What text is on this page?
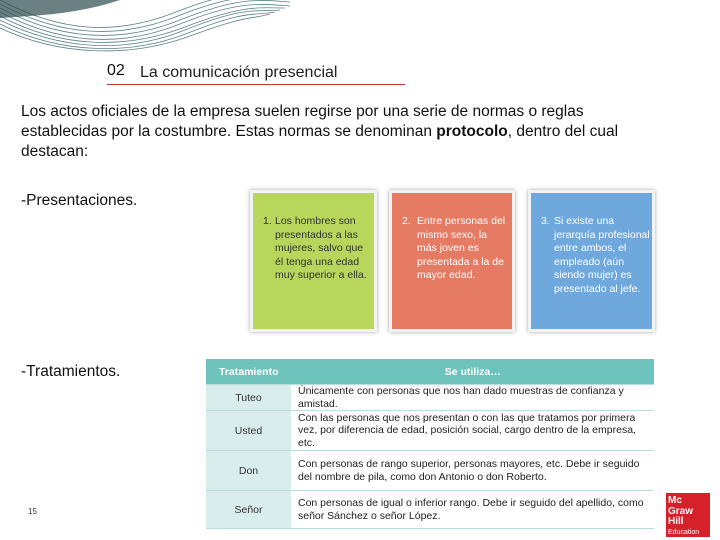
02 La comunicación presencial

Los actos oficiales de la empresa suelen regirse por una serie de normas o reglas establecidas por la costumbre. Estas normas se denominan protocolo, dentro del cual destacan:

-Presentaciones.
1. Los hombres son presentados a las mujeres, salvo que él tenga una edad muy superior a ella.
2. Entre personas del mismo sexo, la más joven es presentada a la de mayor edad.
3. Si existe una jerarquía profesional entre ambos, el empleado (aún siendo mujer) es presentado al jefe.
-Tratamientos.	Tratamiento	Se utiliza…
Tuteo	Únicamente con personas que nos han dado muestras de confianza y amistad.
Usted	Con las personas que nos presentan o con las que tratamos por primera vez, por diferencia de edad, posición social, cargo dentro de la empresa, etc.
Don	Con personas de rango superior, personas mayores, etc. Debe ir seguido del nombre de pila, como don Antonio o don Roberto.
Señor	Con personas de igual o inferior rango. Debe ir seguido del apellido, como señor Sánchez o señor López.
15
Mc
Graw
Hill
Education
